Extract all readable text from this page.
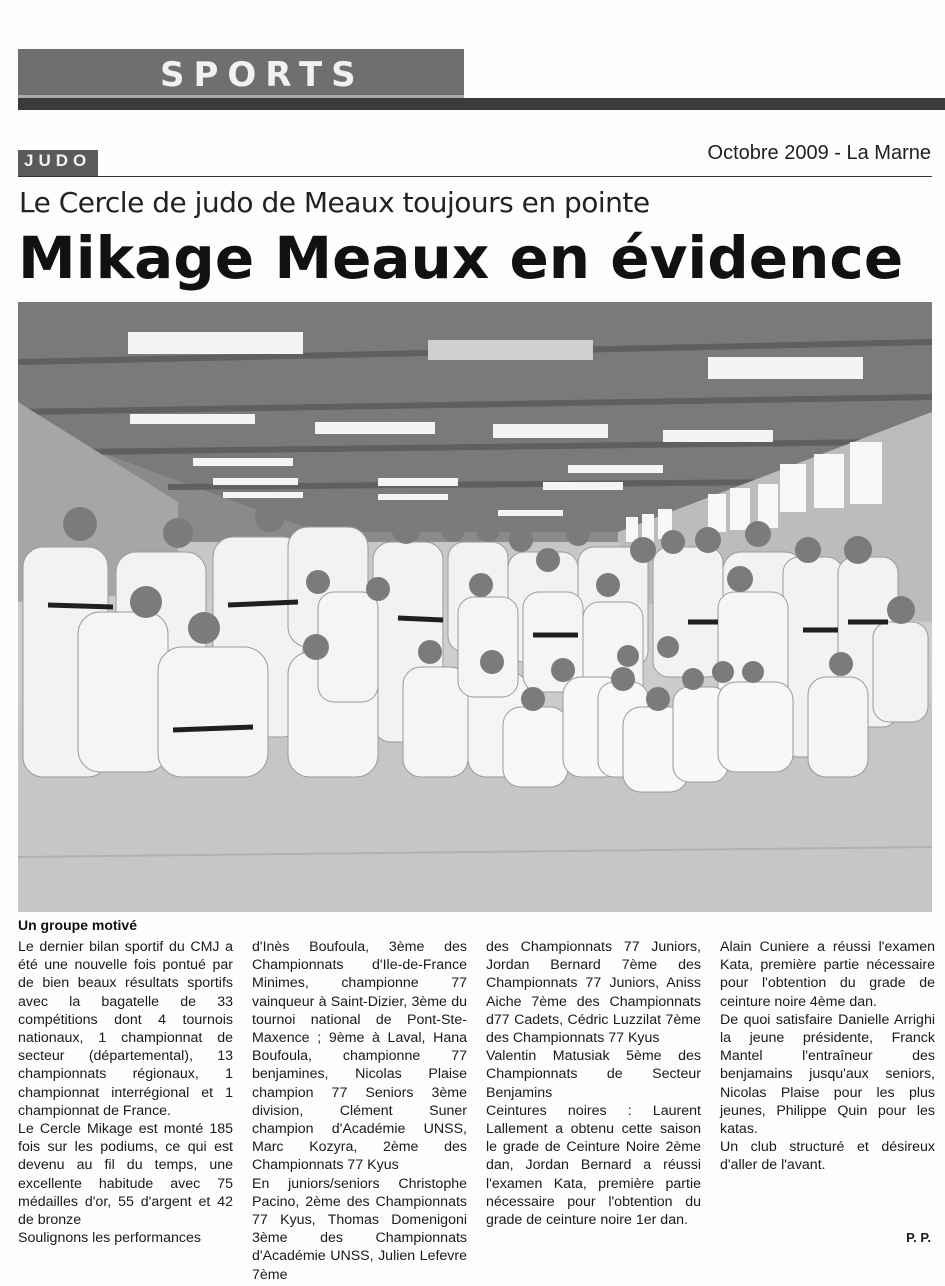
SPORTS
JUDO	Octobre 2009 - La Marne
Le Cercle de judo de Meaux toujours en pointe
Mikage Meaux en évidence
Un groupe motivé

Le dernier bilan sportif du CMJ a été une nouvelle fois pontué par de bien beaux résultats sportifs avec la bagatelle de 33 compétitions dont 4 tournois nationaux, 1 championnat de secteur (départemental), 13 championnats régionaux, 1 championnat interrégional et 1 championnat de France.

Le Cercle Mikage est monté 185 fois sur les podiums, ce qui est devenu au fil du temps, une excellente habitude avec 75 médailles d'or, 55 d'argent et 42 de bronze

Soulignons les performances

d'Inès Boufoula, 3ème des Championnats d'Ile-de-France Minimes, championne 77 vainqueur à Saint-Dizier, 3ème du tournoi national de Pont-Ste-Maxence ; 9ème à Laval, Hana Boufoula, championne 77 benjamines, Nicolas Plaise champion 77 Seniors 3ème division, Clément Suner champion d'Académie UNSS, Marc Kozyra, 2ème des Championnats 77 Kyus

En juniors/seniors Christophe Pacino, 2ème des Championnats 77 Kyus, Thomas Domenigoni 3ème des Championnats d'Académie UNSS, Julien Lefevre 7ème

des Championnats 77 Juniors, Jordan Bernard 7ème des Championnats 77 Juniors, Aniss Aiche 7ème des Championnats d77 Cadets, Cédric Luzzilat 7ème des Championnats 77 Kyus

Valentin Matusiak 5ème des Championnats de Secteur Benjamins

Ceintures noires : Laurent Lallement a obtenu cette saison le grade de Ceinture Noire 2ème dan, Jordan Bernard a réussi l'examen Kata, première partie nécessaire pour l'obtention du grade de ceinture noire 1er dan.

Alain Cuniere a réussi l'examen Kata, première partie nécessaire pour l'obtention du grade de ceinture noire 4ème dan.

De quoi satisfaire Danielle Arrighi la jeune présidente, Franck Mantel l'entraîneur des benjamains jusqu'aux seniors, Nicolas Plaise pour les plus jeunes, Philippe Quin pour les katas.

Un club structuré et désireux d'aller de l'avant.

P. P.
